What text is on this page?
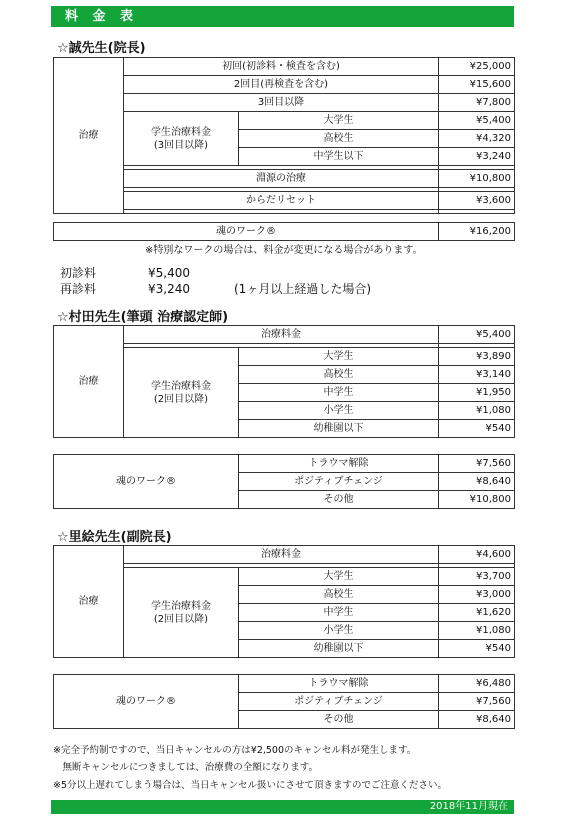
料 金 表
☆誠先生(院長)
治療	初回(初診料・検査を含む)		¥25,000
	2回目(再検査を含む)		¥15,600
	3回目以降		¥7,800
	学生治療料金
(3回目以降)	大学生	¥5,400
		高校生	¥4,320
		中学生以下	¥3,240

	淵源の治療		¥10,800

	からだリセット		¥3,600

魂のワーク®	¥16,200
※特別なワークの場合は、料金が変更になる場合があります。
初診料	¥5,400
再診料	¥3,240	(1ヶ月以上経過した場合)
☆村田先生(筆頭 治療認定師)
治療	治療料金		¥5,400

	学生治療料金
(2回目以降)	大学生	¥3,890
		高校生	¥3,140
		中学生	¥1,950
		小学生	¥1,080
		幼稚園以下	¥540
魂のワーク®	トラウマ解除	¥7,560
	ポジティブチェンジ	¥8,640
	その他	¥10,800
☆里絵先生(副院長)
治療	治療料金		¥4,600

	学生治療料金
(2回目以降)	大学生	¥3,700
		高校生	¥3,000
		中学生	¥1,620
		小学生	¥1,080
		幼稚園以下	¥540
魂のワーク®	トラウマ解除	¥6,480
	ポジティブチェンジ	¥7,560
	その他	¥8,640
※完全予約制ですので、当日キャンセルの方は¥2,500のキャンセル料が発生します。
　無断キャンセルにつきましては、治療費の全額になります。
※5分以上遅れてしまう場合は、当日キャンセル扱いにさせて頂きますのでご注意ください。
2018年11月現在
